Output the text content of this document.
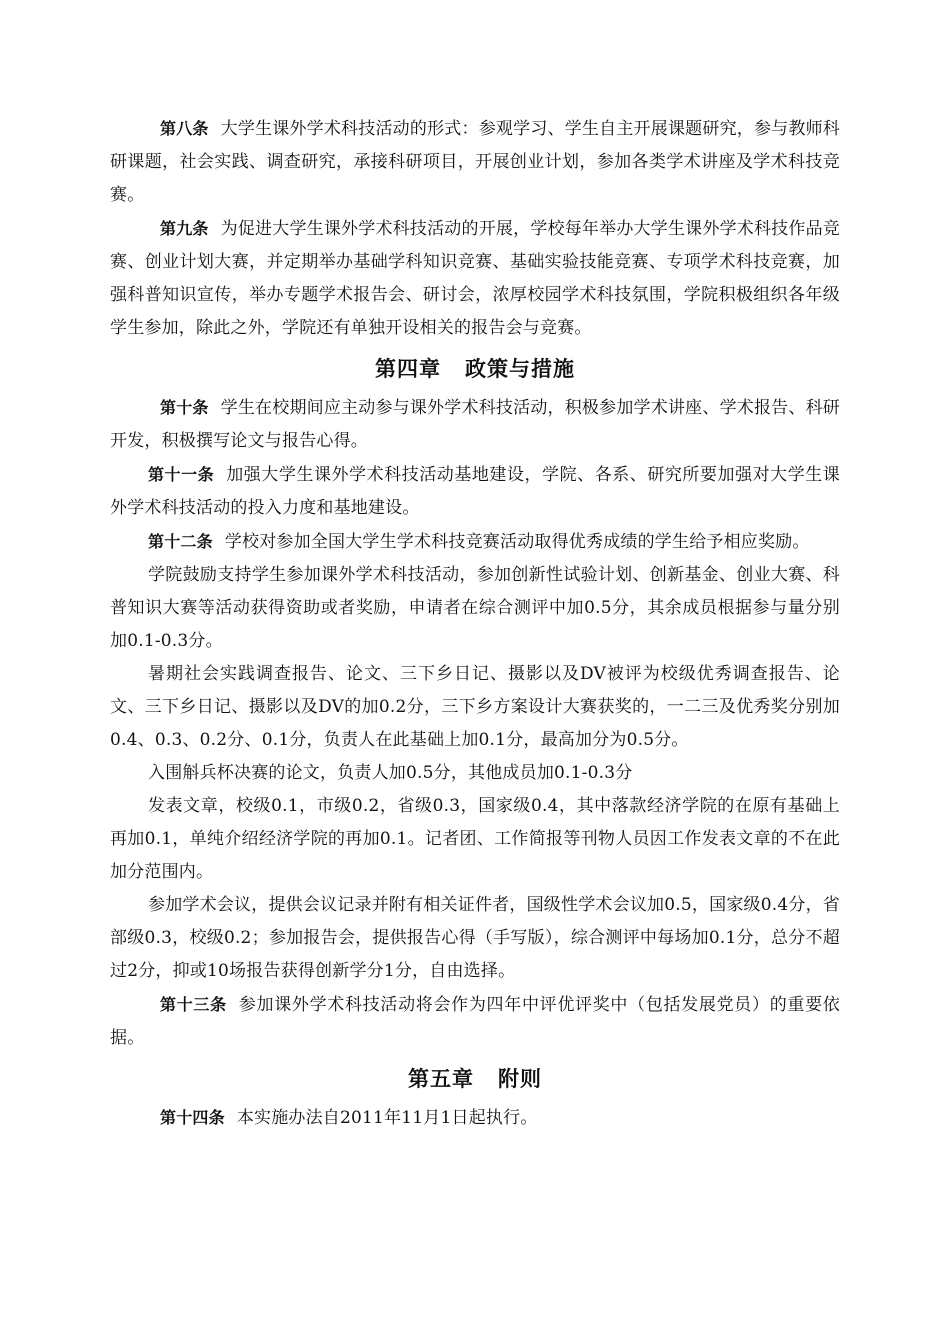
第八条 大学生课外学术科技活动的形式：参观学习、学生自主开展课题研究，参与教师科研课题，社会实践、调查研究，承接科研项目，开展创业计划，参加各类学术讲座及学术科技竞赛。

第九条 为促进大学生课外学术科技活动的开展，学校每年举办大学生课外学术科技作品竞赛、创业计划大赛，并定期举办基础学科知识竞赛、基础实验技能竞赛、专项学术科技竞赛，加强科普知识宣传，举办专题学术报告会、研讨会，浓厚校园学术科技氛围，学院积极组织各年级学生参加，除此之外，学院还有单独开设相关的报告会与竞赛。

第四章 政策与措施

第十条 学生在校期间应主动参与课外学术科技活动，积极参加学术讲座、学术报告、科研开发，积极撰写论文与报告心得。

第十一条 加强大学生课外学术科技活动基地建设，学院、各系、研究所要加强对大学生课外学术科技活动的投入力度和基地建设。

第十二条 学校对参加全国大学生学术科技竞赛活动取得优秀成绩的学生给予相应奖励。

学院鼓励支持学生参加课外学术科技活动，参加创新性试验计划、创新基金、创业大赛、科普知识大赛等活动获得资助或者奖励，申请者在综合测评中加0.5分，其余成员根据参与量分别加0.1-0.3分。

暑期社会实践调查报告、论文、三下乡日记、摄影以及DV被评为校级优秀调查报告、论文、三下乡日记、摄影以及DV的加0.2分，三下乡方案设计大赛获奖的，一二三及优秀奖分别加0.4、0.3、0.2分、0.1分，负责人在此基础上加0.1分，最高加分为0.5分。

入围斛兵杯决赛的论文，负责人加0.5分，其他成员加0.1-0.3分

发表文章，校级0.1，市级0.2，省级0.3，国家级0.4，其中落款经济学院的在原有基础上再加0.1，单纯介绍经济学院的再加0.1。记者团、工作简报等刊物人员因工作发表文章的不在此加分范围内。

参加学术会议，提供会议记录并附有相关证件者，国级性学术会议加0.5，国家级0.4分，省部级0.3，校级0.2；参加报告会，提供报告心得（手写版），综合测评中每场加0.1分，总分不超过2分，抑或10场报告获得创新学分1分，自由选择。

第十三条 参加课外学术科技活动将会作为四年中评优评奖中（包括发展党员）的重要依据。

第五章 附则

第十四条 本实施办法自2011年11月1日起执行。
